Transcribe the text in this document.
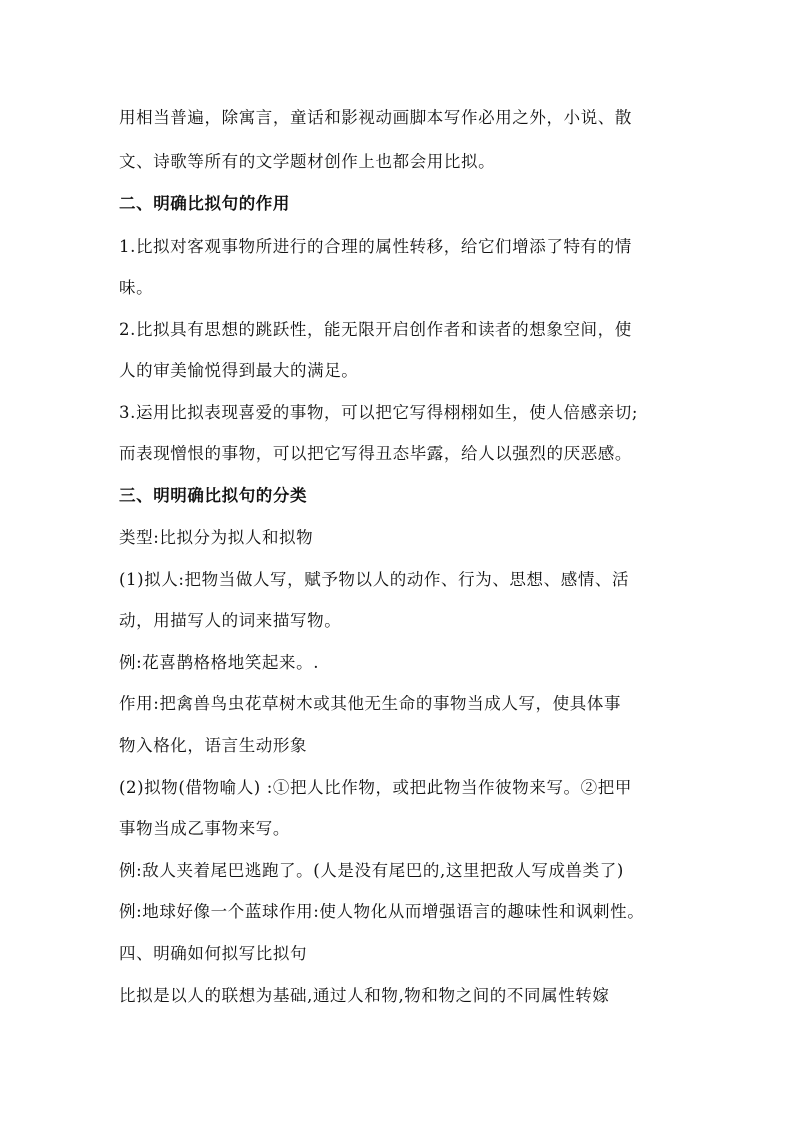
用相当普遍，除寓言，童话和影视动画脚本写作必用之外，小说、散
文、诗歌等所有的文学题材创作上也都会用比拟。
二、明确比拟句的作用
1.比拟对客观事物所进行的合理的属性转移，给它们增添了特有的情
味。
2.比拟具有思想的跳跃性，能无限开启创作者和读者的想象空间，使
人的审美愉悦得到最大的满足。
3.运用比拟表现喜爱的事物，可以把它写得栩栩如生，使人倍感亲切;
而表现憎恨的事物，可以把它写得丑态毕露，给人以强烈的厌恶感。
三、明明确比拟句的分类
类型:比拟分为拟人和拟物
(1)拟人:把物当做人写，赋予物以人的动作、行为、思想、感情、活
动，用描写人的词来描写物。
例:花喜鹊格格地笑起来。.
作用:把禽兽鸟虫花草树木或其他无生命的事物当成人写，使具体事
物入格化，语言生动形象
(2)拟物(借物喻人) :①把人比作物，或把此物当作彼物来写。②把甲
事物当成乙事物来写。
例:敌人夹着尾巴逃跑了。(人是没有尾巴的,这里把敌人写成兽类了)
例:地球好像一个蓝球作用:使人物化从而增强语言的趣味性和讽刺性。
四、明确如何拟写比拟句
比拟是以人的联想为基础,通过人和物,物和物之间的不同属性转嫁
